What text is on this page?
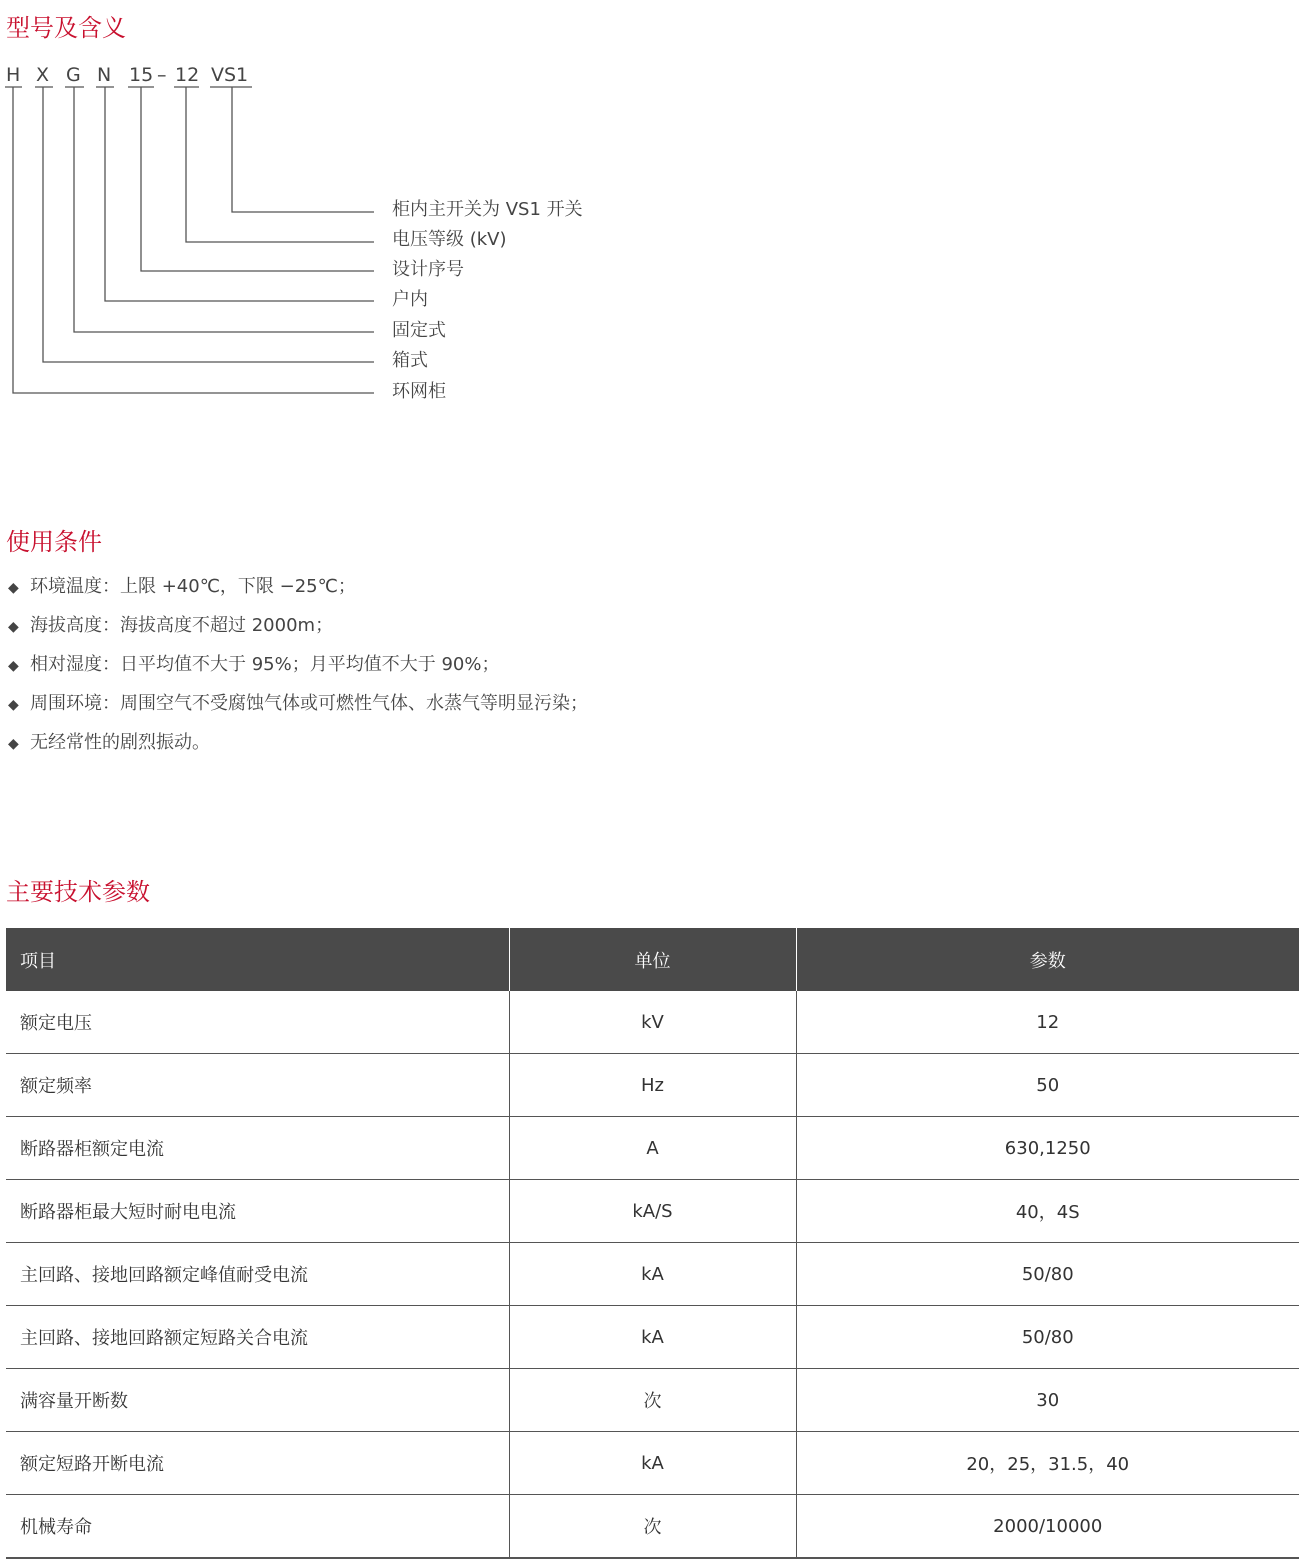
型号及含义
H X G N 15 – 12 VS1
柜内主开关为 VS1 开关
电压等级 (kV)
设计序号
户内
固定式
箱式
环网柜
使用条件
◆ 环境温度：上限 +40℃，下限 −25℃；
◆ 海拔高度：海拔高度不超过 2000m；
◆ 相对湿度：日平均值不大于 95%；月平均值不大于 90%；
◆ 周围环境：周围空气不受腐蚀气体或可燃性气体、水蒸气等明显污染；
◆ 无经常性的剧烈振动。
主要技术参数
项目	单位	参数
额定电压	kV	12
额定频率	Hz	50
断路器柜额定电流	A	630,1250
断路器柜最大短时耐电电流	kA/S	40，4S
主回路、接地回路额定峰值耐受电流	kA	50/80
主回路、接地回路额定短路关合电流	kA	50/80
满容量开断数	次	30
额定短路开断电流	kA	20，25，31.5，40
机械寿命	次	2000/10000
